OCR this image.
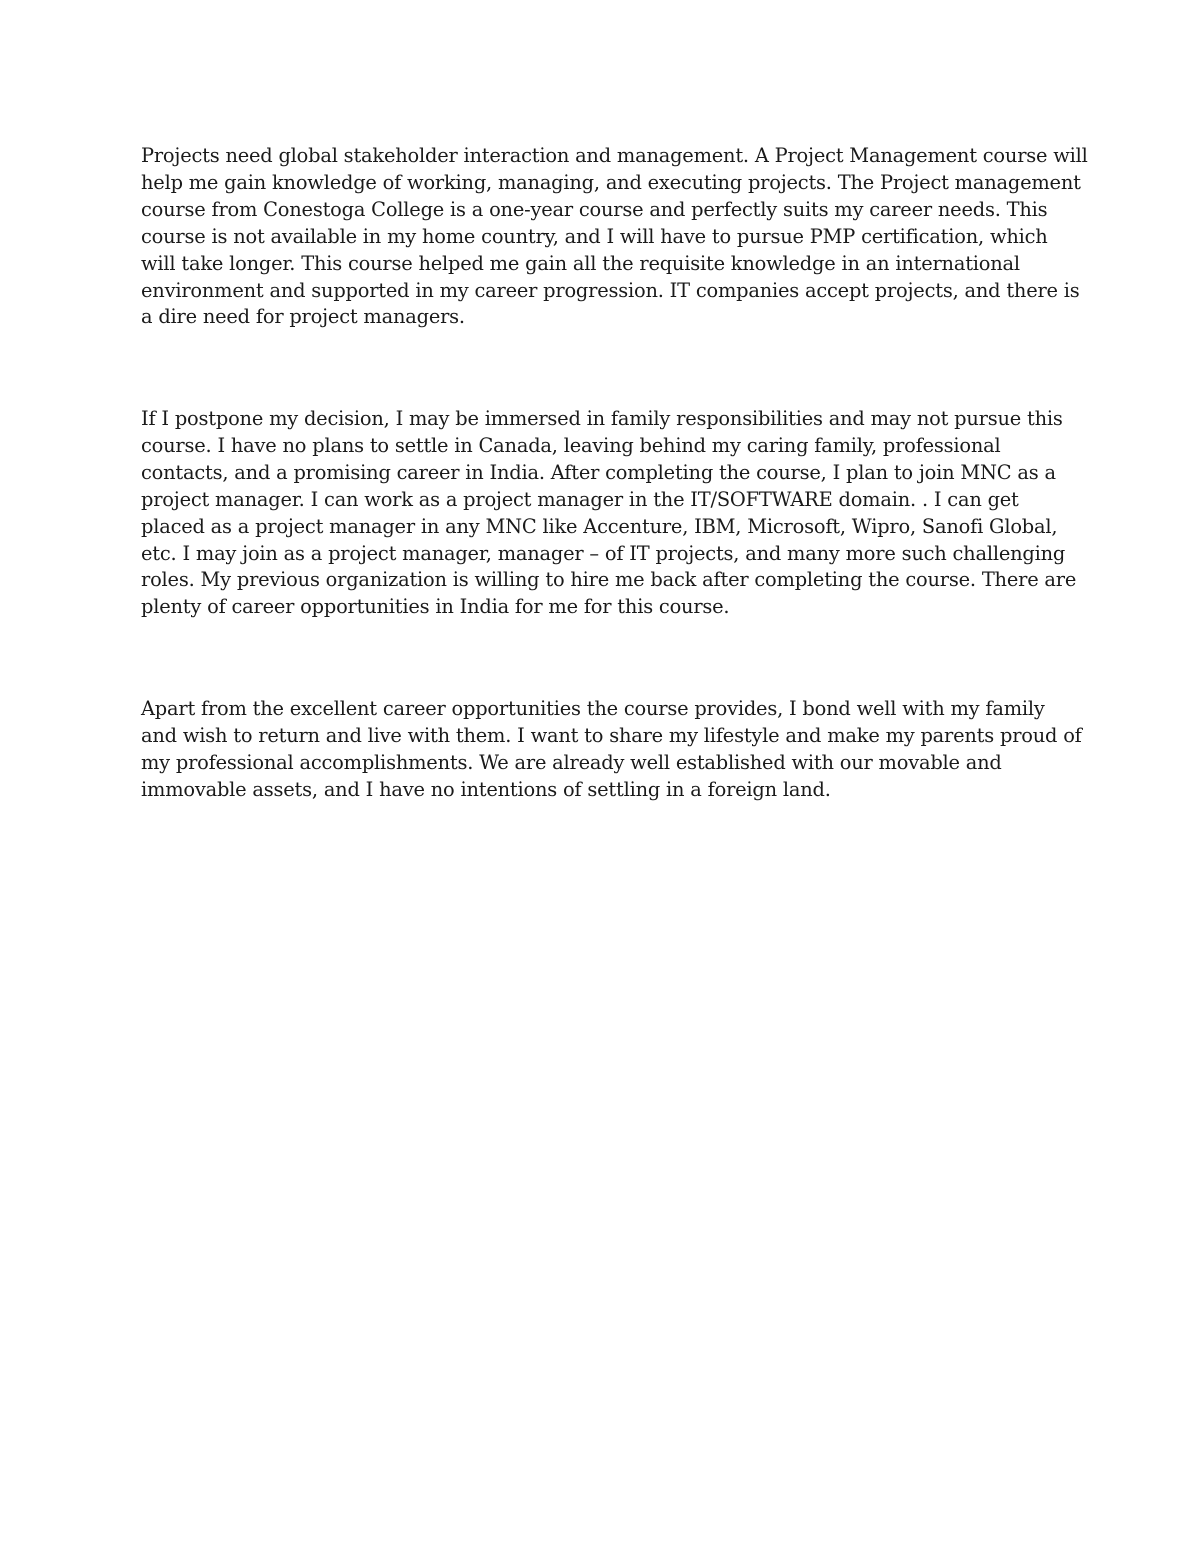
Projects need global stakeholder interaction and management. A Project Management course will
help me gain knowledge of working, managing, and executing projects. The Project management
course from Conestoga College is a one-year course and perfectly suits my career needs. This
course is not available in my home country, and I will have to pursue PMP certification, which
will take longer. This course helped me gain all the requisite knowledge in an international
environment and supported in my career progression. IT companies accept projects, and there is
a dire need for project managers.

If I postpone my decision, I may be immersed in family responsibilities and may not pursue this
course. I have no plans to settle in Canada, leaving behind my caring family, professional
contacts, and a promising career in India. After completing the course, I plan to join MNC as a
project manager. I can work as a project manager in the IT/SOFTWARE domain. . I can get
placed as a project manager in any MNC like Accenture, IBM, Microsoft, Wipro, Sanofi Global,
etc. I may join as a project manager, manager – of IT projects, and many more such challenging
roles. My previous organization is willing to hire me back after completing the course. There are
plenty of career opportunities in India for me for this course.

Apart from the excellent career opportunities the course provides, I bond well with my family
and wish to return and live with them. I want to share my lifestyle and make my parents proud of
my professional accomplishments. We are already well established with our movable and
immovable assets, and I have no intentions of settling in a foreign land.
